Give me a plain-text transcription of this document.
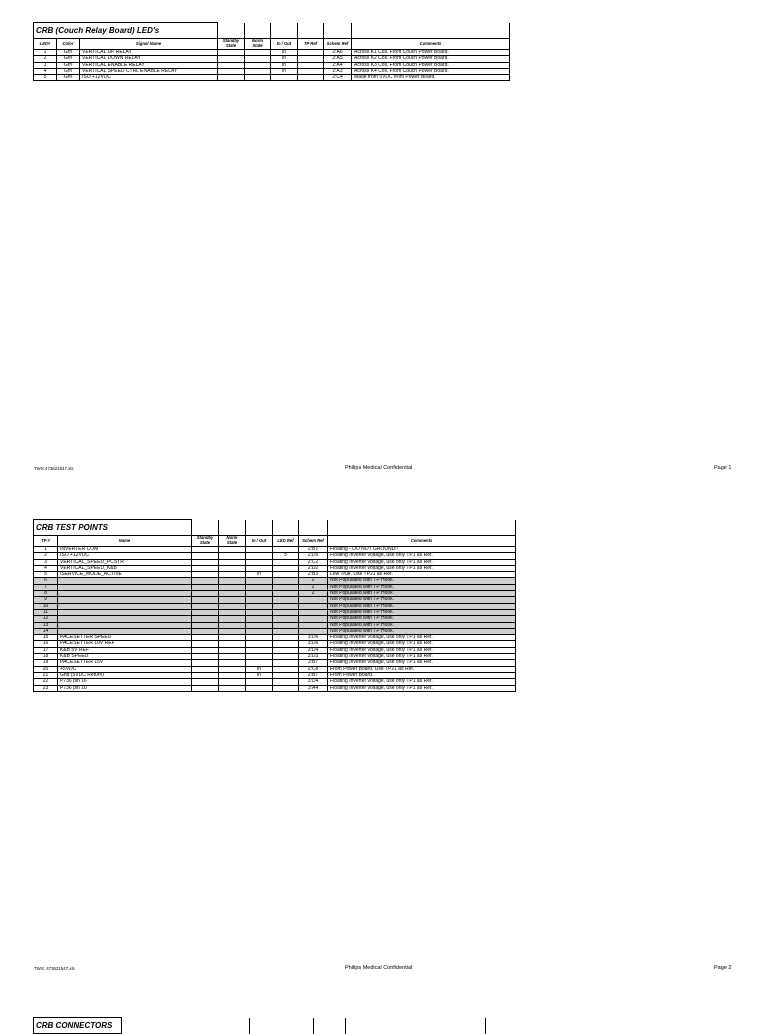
CRB (Couch Relay Board) LED's								
LED#	Color	Signal Name	Standby State	Norm State	In / Out	TP Ref	Schem Ref	Comments
1	Grn	VERTICAL UP RELAY			In		2:A6	Across K1 Coil. From Couch Power Board.
2	Grn	VERTICAL DOWN RELAY			In		2:A5	Across K2 Coil. From Couch Power Board.
3	Grn	VERTICAL ENABLE RELAY			In		2:A4	Across K3 Coil. From Couch Power Board.
4	Grn	VERTICAL SPEED CTRL ENABLE RELAY			In		2:A3	Across K4 Coil. From Couch Power Board.
5	Grn	ISO +12VDC					2:C4	Made from 5VDC from Power Board.
TWS:473621547.xls	Philips Medical Confidential	Page 1
CRB TEST POINTS							
TP #	Name	Standby State	Norm State	In / Out	LED Ref	Schem Ref	Comments
1	INVERTER COM					2:B1	Floating - DO NOT GROUND!!
2	ISO +12VDC				5	2:D5	Floating Inverter voltage, use only TP1 as Ref.
3	VERTICAL_SPEED_PCSTR					2:C2	Floating Inverter voltage, use only TP1 as Ref.
4	VERTICAL_SPEED_K&B					2:D2	Floating Inverter voltage, use only TP1 as Ref.
5	/SERVICE_MODE_ACTIVE			In		2:B3	Low True. Use TP21 as Ref.
6						2	Not Populated with TP Hook.
7						2	Not Populated with TP Hook.
8						2	Not Populated with TP Hook.
9							Not Populated with TP Hook.
10							Not Populated with TP Hook.
11							Not Populated with TP Hook.
12							Not Populated with TP Hook.
13							Not Populated with TP Hook.
14							Not Populated with TP Hook.
15	PACESETTER SPEED					3:D6	Floating Inverter voltage, use only TP1 as Ref.
16	PACESETTER 10V REF					3:D6	Floating Inverter voltage, use only TP1 as Ref.
17	K&B 5V REF					3:D4	Floating Inverter voltage, use only TP1 as Ref.
18	K&B SPEED					3:D3	Floating Inverter voltage, use only TP1 as Ref.
19	PACESETTER 15V					3:B7	Floating Inverter voltage, use only TP1 as Ref.
20	+5VDC			In		2:C8	From Power Board. Use TP21 as Ref.
21	Gnd (5VDC Return)			In		2:B7	From Power Board.
22	P736 pin 16					3:D4	Floating Inverter voltage, use only TP1 as Ref.
23	P736 pin 10					3:A4	Floating Inverter voltage, use only TP1 as Ref.
TWS: 473621547.xls	Philips Medical Confidential	Page 2
CRB CONNECTORS				
